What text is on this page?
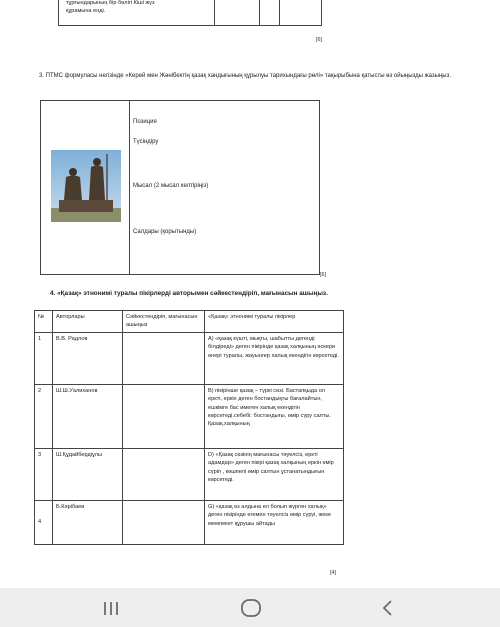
тұрғындарының бір бөлігі Кіші жүз
құрамына енді.
[6]
3. ПТМС формуласы негізінде «Керей мен Жәнібектің қазақ хандығының құрылуы тарихындағы рөлі» тақырыбына қатысты өз ойыңызды жазыңыз.
Позиция
Түсіндіру
Мысал (2 мысал келтіріңіз)
Салдары (қорытынды)
[6]
4. «Қазақ» этнонимі туралы пікірлерді авторымен сәйкестендіріп, мағынасын ашыңыз.
№	Авторлары	Сәйкестендіріп, мағынасын ашыңыз	«Қазақ» этнонимі туралы пікірлер
1	В.В. Радлов		А) «қазақ күшті, мықты, шабытты дегенді білдіреді» деген пікірінде қазақ халқының әскери өнері туралы, жауынгер халық екендігін көрсетеді.
2	Ш.Ш.Уалиханов		В) пікірінше қазақ – түркі сөзі. Бастапқыда ол еркті, еркін деген бостандықты бағалайтын, ешкімге бас имеген халық екендігін көрсетеді.себебі: бостандығы, өмір сүру салты. Қазақ.халқының
3	Ш.Құдайбердіұлы		D) «Қазақ сөзінің мағынасы тәуелсіз, еркті адамдар» деген пікірі қазақ халқының еркін өмір сүріп , көшпелі өмір салтын ұстанатындығын көрсетеді.
4	Б.Кәрібаев		G) «қазақ өз алдына ел болып жүрген халық» деген пікірінде егемен тәуелсіз өмір сүруі, жеке мемлекет құрушы айтады
[4]
